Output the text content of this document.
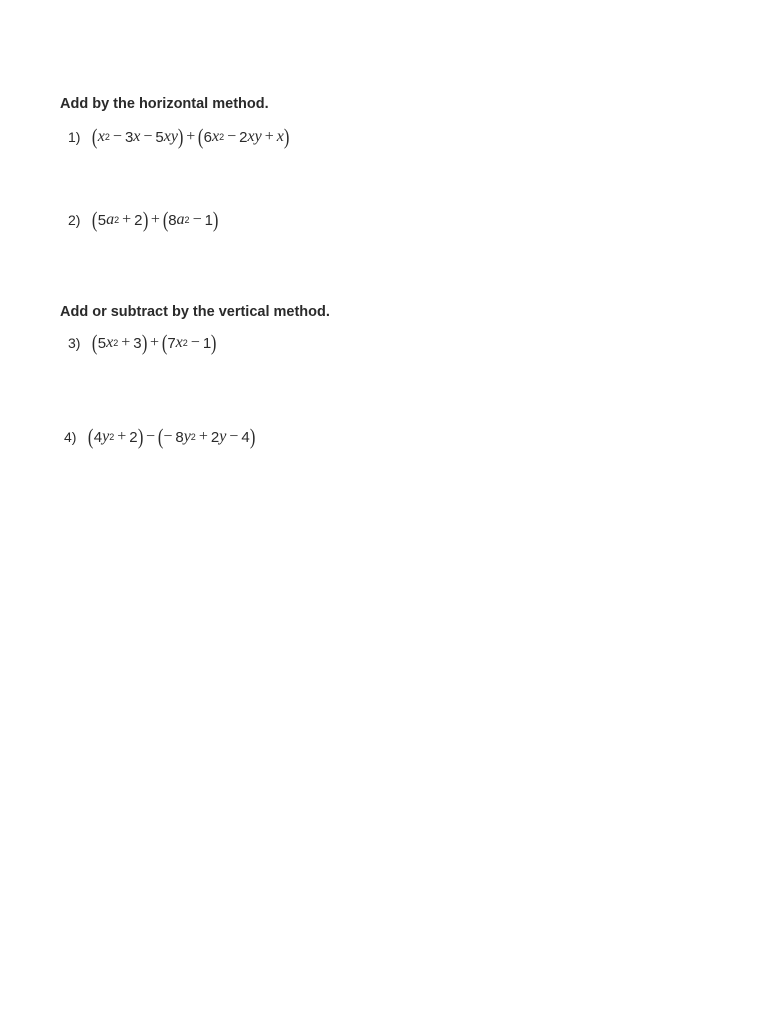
Add by the horizontal method.
1) ( x 2 − 3 x − 5 xy ) + ( 6 x 2 − 2 xy + x )
2) ( 5 a 2 + 2 ) + ( 8 a 2 − 1 )
Add or subtract by the vertical method.
3) ( 5 x 2 + 3 ) + ( 7 x 2 − 1 )
4) ( 4 y 2 + 2 ) − ( − 8 y 2 + 2 y − 4 )
